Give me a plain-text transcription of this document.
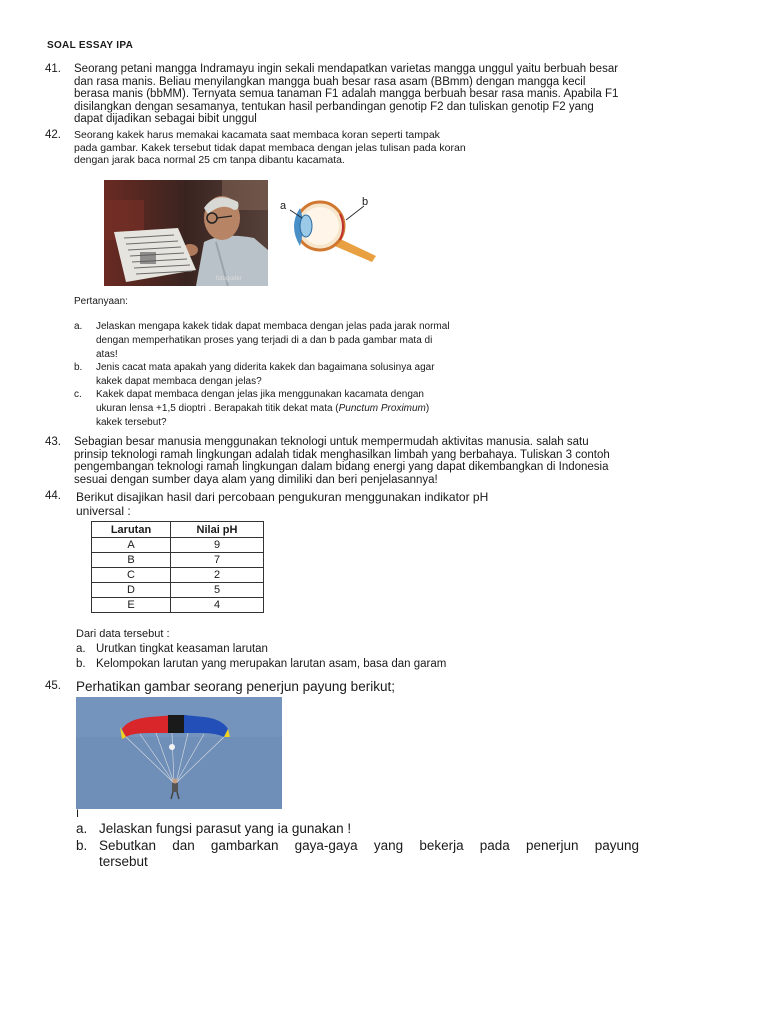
SOAL ESSAY IPA
41. Seorang petani mangga Indramayu ingin sekali mendapatkan varietas mangga unggul yaitu berbuah besar
dan rasa manis. Beliau menyilangkan mangga buah besar rasa asam (BBmm) dengan mangga kecil
berasa manis (bbMM). Ternyata semua tanaman F1 adalah mangga berbuah besar rasa manis. Apabila F1
disilangkan dengan sesamanya, tentukan hasil perbandingan genotip F2 dan tuliskan genotip F2 yang
dapat dijadikan sebagai bibit unggul
42. Seorang kakek harus memakai kacamata saat membaca koran seperti tampak
pada gambar. Kakek tersebut tidak dapat membaca dengan jelas tulisan pada koran
dengan jarak baca normal 25 cm tanpa dibantu kacamata.
fotografer
a	b
Pertanyaan:
a. Jelaskan mengapa kakek tidak dapat membaca dengan jelas pada jarak normal
dengan memperhatikan proses yang terjadi di a dan b pada gambar mata di
atas!
b. Jenis cacat mata apakah yang diderita kakek dan bagaimana solusinya agar
kakek dapat membaca dengan jelas?
c. Kakek dapat membaca dengan jelas jika menggunakan kacamata dengan
ukuran lensa +1,5 dioptri . Berapakah titik dekat mata (Punctum Proximum)
kakek tersebut?
43. Sebagian besar manusia menggunakan teknologi untuk mempermudah aktivitas manusia. salah satu
prinsip teknologi ramah lingkungan adalah tidak menghasilkan limbah yang berbahaya. Tuliskan 3 contoh
pengembangan teknologi ramah lingkungan dalam bidang energi yang dapat dikembangkan di Indonesia
sesuai dengan sumber daya alam yang dimiliki dan beri penjelasannya!
44. Berikut disajikan hasil dari percobaan pengukuran menggunakan indikator pH
universal :
Larutan	Nilai pH
A	9
B	7
C	2
D	5
E	4
Dari data tersebut :
a. Urutkan tingkat keasaman larutan
b. Kelompokan larutan yang merupakan larutan asam, basa dan garam
45. Perhatikan gambar seorang penerjun payung berikut;
I
a. Jelaskan fungsi parasut yang ia gunakan !
b. Sebutkan dan gambarkan gaya-gaya yang bekerja pada penerjun payung
tersebut
